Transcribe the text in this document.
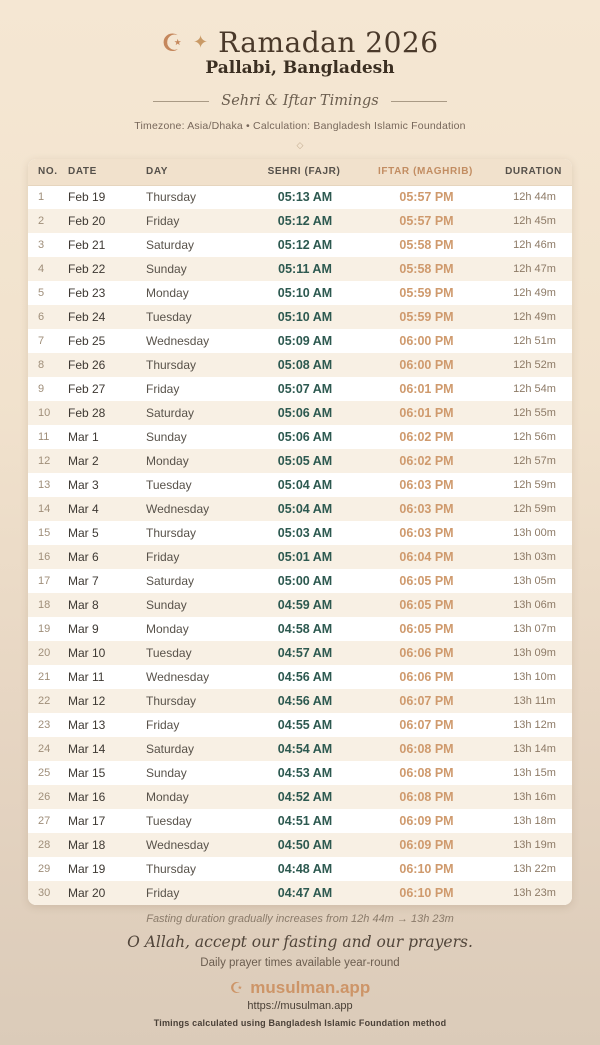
☪ ✦ Ramadan 2026
Pallabi, Bangladesh
Sehri & Iftar Timings
Timezone: Asia/Dhaka • Calculation: Bangladesh Islamic Foundation
◇
NO.	DATE	DAY	SEHRI (FAJR)	IFTAR (MAGHRIB)	DURATION
1	Feb 19	Thursday	05:13 AM	05:57 PM	12h 44m
2	Feb 20	Friday	05:12 AM	05:57 PM	12h 45m
3	Feb 21	Saturday	05:12 AM	05:58 PM	12h 46m
4	Feb 22	Sunday	05:11 AM	05:58 PM	12h 47m
5	Feb 23	Monday	05:10 AM	05:59 PM	12h 49m
6	Feb 24	Tuesday	05:10 AM	05:59 PM	12h 49m
7	Feb 25	Wednesday	05:09 AM	06:00 PM	12h 51m
8	Feb 26	Thursday	05:08 AM	06:00 PM	12h 52m
9	Feb 27	Friday	05:07 AM	06:01 PM	12h 54m
10	Feb 28	Saturday	05:06 AM	06:01 PM	12h 55m
11	Mar 1	Sunday	05:06 AM	06:02 PM	12h 56m
12	Mar 2	Monday	05:05 AM	06:02 PM	12h 57m
13	Mar 3	Tuesday	05:04 AM	06:03 PM	12h 59m
14	Mar 4	Wednesday	05:04 AM	06:03 PM	12h 59m
15	Mar 5	Thursday	05:03 AM	06:03 PM	13h 00m
16	Mar 6	Friday	05:01 AM	06:04 PM	13h 03m
17	Mar 7	Saturday	05:00 AM	06:05 PM	13h 05m
18	Mar 8	Sunday	04:59 AM	06:05 PM	13h 06m
19	Mar 9	Monday	04:58 AM	06:05 PM	13h 07m
20	Mar 10	Tuesday	04:57 AM	06:06 PM	13h 09m
21	Mar 11	Wednesday	04:56 AM	06:06 PM	13h 10m
22	Mar 12	Thursday	04:56 AM	06:07 PM	13h 11m
23	Mar 13	Friday	04:55 AM	06:07 PM	13h 12m
24	Mar 14	Saturday	04:54 AM	06:08 PM	13h 14m
25	Mar 15	Sunday	04:53 AM	06:08 PM	13h 15m
26	Mar 16	Monday	04:52 AM	06:08 PM	13h 16m
27	Mar 17	Tuesday	04:51 AM	06:09 PM	13h 18m
28	Mar 18	Wednesday	04:50 AM	06:09 PM	13h 19m
29	Mar 19	Thursday	04:48 AM	06:10 PM	13h 22m
30	Mar 20	Friday	04:47 AM	06:10 PM	13h 23m
Fasting duration gradually increases from 12h 44m → 13h 23m
O Allah, accept our fasting and our prayers.
Daily prayer times available year-round
☪ musulman.app
https://musulman.app
Timings calculated using Bangladesh Islamic Foundation method
